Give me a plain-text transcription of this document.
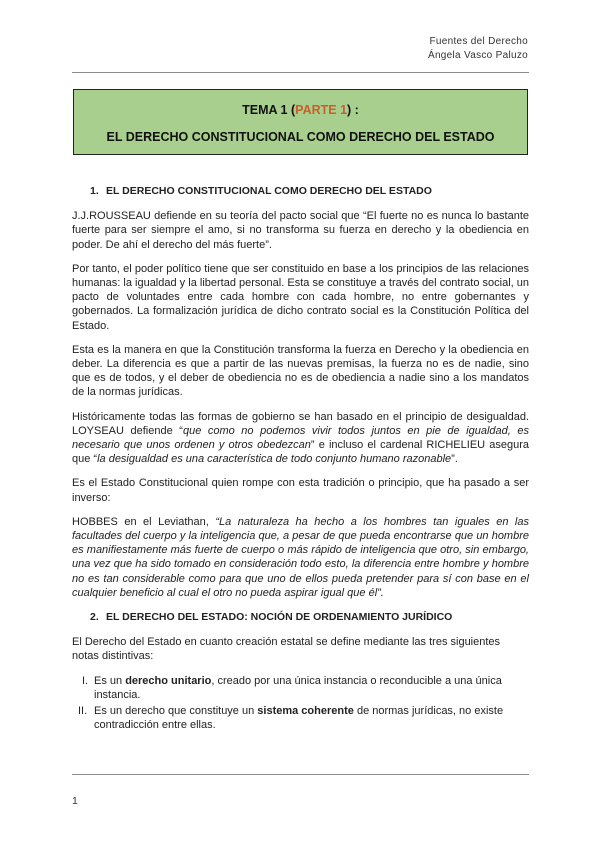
Fuentes del Derecho
Ángela Vasco Paluzo
TEMA 1 (PARTE 1) :
EL DERECHO CONSTITUCIONAL COMO DERECHO DEL ESTADO
1. EL DERECHO CONSTITUCIONAL COMO DERECHO DEL ESTADO

J.J.ROUSSEAU defiende en su teoría del pacto social que “El fuerte no es nunca lo bastante fuerte para ser siempre el amo, si no transforma su fuerza en derecho y la obediencia en poder. De ahí el derecho del más fuerte”.

Por tanto, el poder político tiene que ser constituido en base a los principios de las relaciones humanas: la igualdad y la libertad personal. Esta se constituye a través del contrato social, un pacto de voluntades entre cada hombre con cada hombre, no entre gobernantes y gobernados. La formalización jurídica de dicho contrato social es la Constitución Política del Estado.

Esta es la manera en que la Constitución transforma la fuerza en Derecho y la obediencia en deber. La diferencia es que a partir de las nuevas premisas, la fuerza no es de nadie, sino que es de todos, y el deber de obediencia no es de obediencia a nadie sino a los mandatos de la normas jurídicas.

Históricamente todas las formas de gobierno se han basado en el principio de desigualdad. LOYSEAU defiende “que como no podemos vivir todos juntos en pie de igualdad, es necesario que unos ordenen y otros obedezcan” e incluso el cardenal RICHELIEU asegura que “la desigualdad es una característica de todo conjunto humano razonable”.

Es el Estado Constitucional quien rompe con esta tradición o principio, que ha pasado a ser inverso:

HOBBES en el Leviathan, “La naturaleza ha hecho a los hombres tan iguales en las facultades del cuerpo y la inteligencia que, a pesar de que pueda encontrarse que un hombre es manifiestamente más fuerte de cuerpo o más rápido de inteligencia que otro, sin embargo, una vez que ha sido tomado en consideración todo esto, la diferencia entre hombre y hombre no es tan considerable como para que uno de ellos pueda pretender para sí con base en el cualquier beneficio al cual el otro no pueda aspirar igual que él”.

2. EL DERECHO DEL ESTADO: NOCIÓN DE ORDENAMIENTO JURÍDICO

El Derecho del Estado en cuanto creación estatal se define mediante las tres siguientes notas distintivas:

I. Es un derecho unitario, creado por una única instancia o reconducible a una única instancia.
II. Es un derecho que constituye un sistema coherente de normas jurídicas, no existe contradicción entre ellas.
1
